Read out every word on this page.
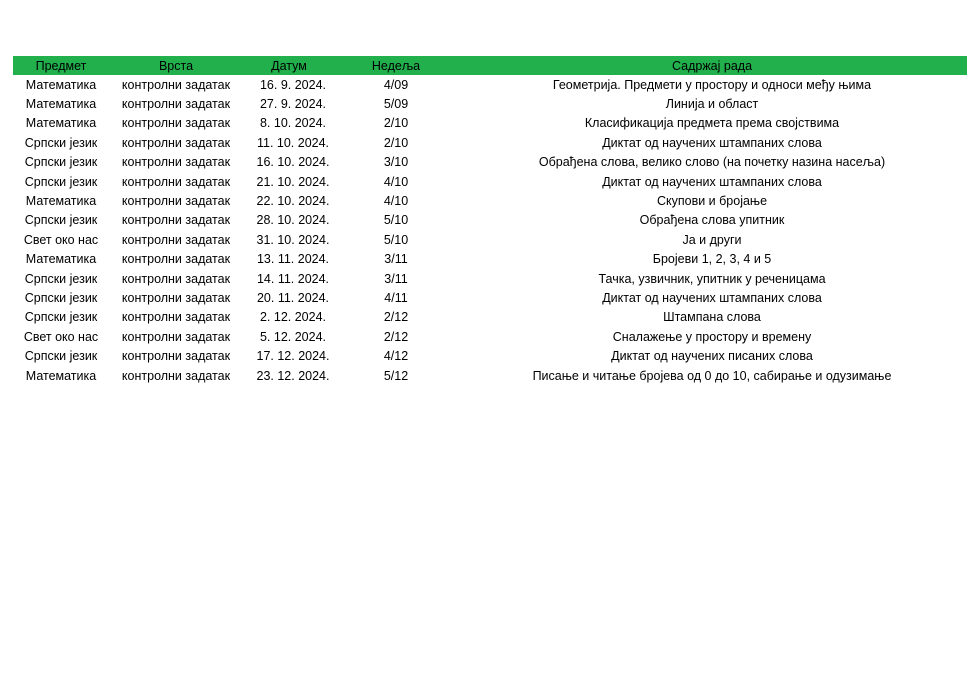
Предмет	Врста	Датум	Недеља	Садржај рада
Математика	контролни задатак	16. 9. 2024.	4/09	Геометрија. Предмети у простору и односи међу њима
Математика	контролни задатак	27. 9. 2024.	5/09	Линија и област
Математика	контролни задатак	8. 10. 2024.	2/10	Класификација предмета према својствима
Српски језик	контролни задатак	11. 10. 2024.	2/10	Диктат од научених штампаних слова
Српски језик	контролни задатак	16. 10. 2024.	3/10	Обрађена слова, велико слово (на почетку назина насеља)
Српски језик	контролни задатак	21. 10. 2024.	4/10	Диктат од научених штампаних слова
Математика	контролни задатак	22. 10. 2024.	4/10	Скупови и бројање
Српски језик	контролни задатак	28. 10. 2024.	5/10	Обрађена слова упитник
Свет око нас	контролни задатак	31. 10. 2024.	5/10	Ја и други
Математика	контролни задатак	13. 11. 2024.	3/11	Бројеви 1, 2, 3, 4 и 5
Српски језик	контролни задатак	14. 11. 2024.	3/11	Тачка, узвичник, упитник у реченицама
Српски језик	контролни задатак	20. 11. 2024.	4/11	Диктат од научених штампаних слова
Српски језик	контролни задатак	2. 12. 2024.	2/12	Штампана слова
Свет око нас	контролни задатак	5. 12. 2024.	2/12	Сналажење у простору и времену
Српски језик	контролни задатак	17. 12. 2024.	4/12	Диктат од научених писаних слова
Математика	контролни задатак	23. 12. 2024.	5/12	Писање и читање бројева од 0 до 10, сабирање и одузимање
